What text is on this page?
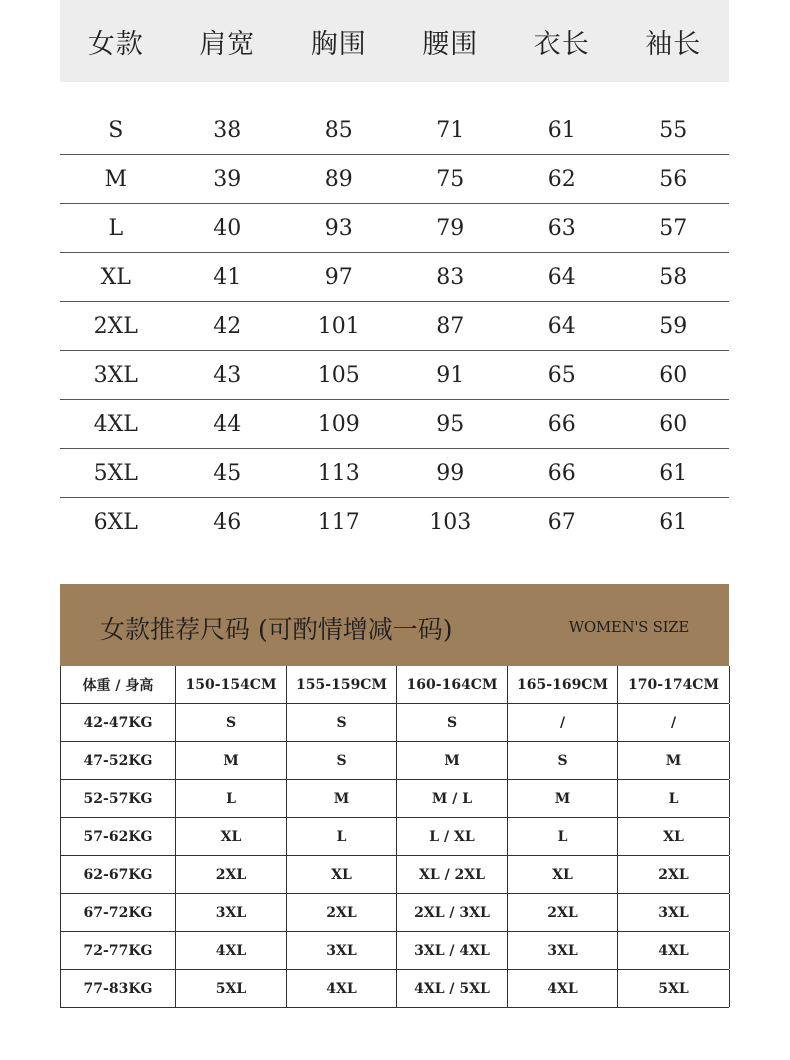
女款	肩宽	胸围	腰围	衣长	袖长
S	38	85	71	61	55
M	39	89	75	62	56
L	40	93	79	63	57
XL	41	97	83	64	58
2XL	42	101	87	64	59
3XL	43	105	91	65	60
4XL	44	109	95	66	60
5XL	45	113	99	66	61
6XL	46	117	103	67	61
女款推荐尺码 (可酌情增减一码)	WOMEN'S SIZE
体重 / 身高	150-154CM	155-159CM	160-164CM	165-169CM	170-174CM
42-47KG	S	S	S	/	/
47-52KG	M	S	M	S	M
52-57KG	L	M	M / L	M	L
57-62KG	XL	L	L / XL	L	XL
62-67KG	2XL	XL	XL / 2XL	XL	2XL
67-72KG	3XL	2XL	2XL / 3XL	2XL	3XL
72-77KG	4XL	3XL	3XL / 4XL	3XL	4XL
77-83KG	5XL	4XL	4XL / 5XL	4XL	5XL
